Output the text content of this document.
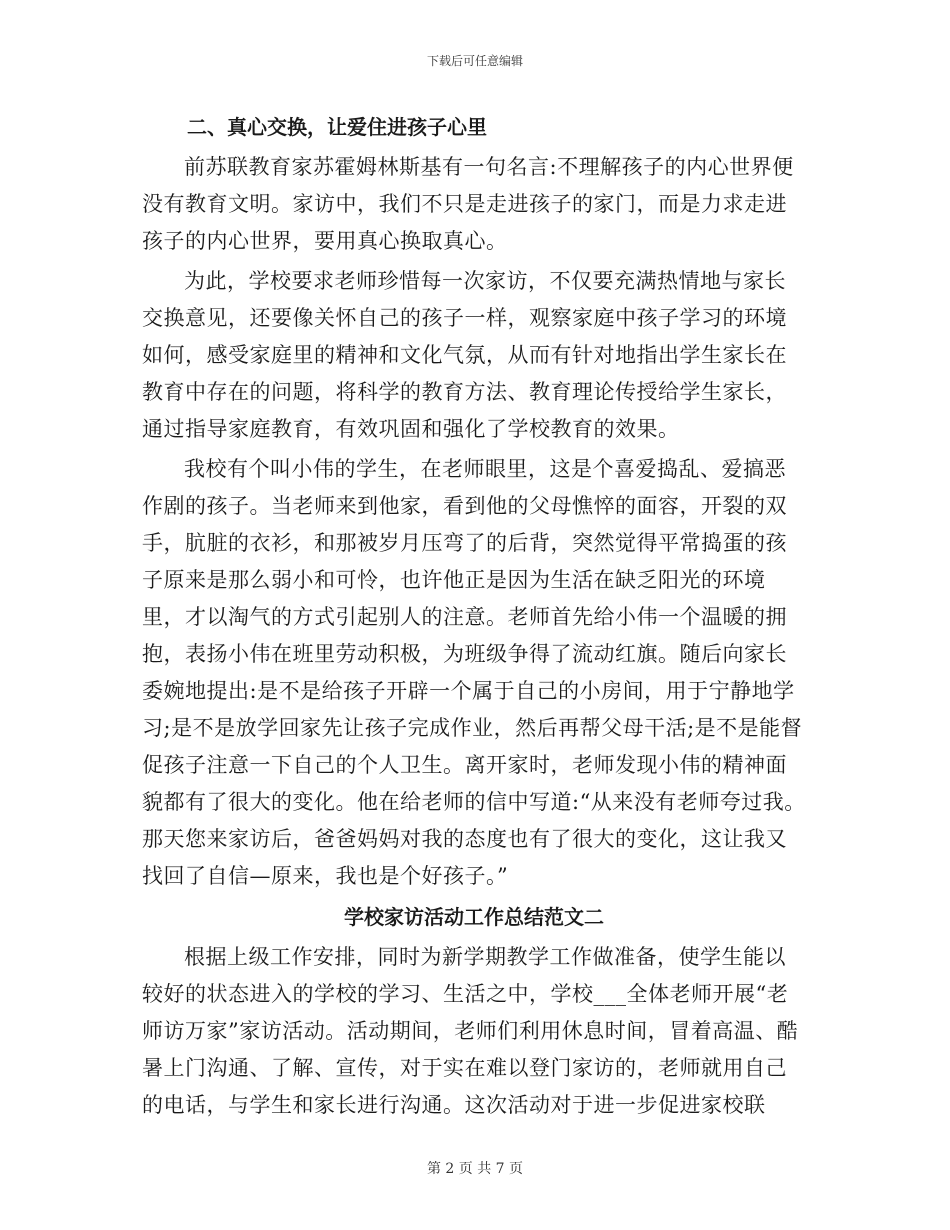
下载后可任意编辑
二、真心交换，让爱住进孩子心里

前苏联教育家苏霍姆林斯基有一句名言:不理解孩子的内心世界便没有教育文明。家访中，我们不只是走进孩子的家门，而是力求走进孩子的内心世界，要用真心换取真心。

为此，学校要求老师珍惜每一次家访，不仅要充满热情地与家长交换意见，还要像关怀自己的孩子一样，观察家庭中孩子学习的环境如何，感受家庭里的精神和文化气氛，从而有针对地指出学生家长在教育中存在的问题，将科学的教育方法、教育理论传授给学生家长，通过指导家庭教育，有效巩固和强化了学校教育的效果。

我校有个叫小伟的学生，在老师眼里，这是个喜爱捣乱、爱搞恶作剧的孩子。当老师来到他家，看到他的父母憔悴的面容，开裂的双手，肮脏的衣衫，和那被岁月压弯了的后背，突然觉得平常捣蛋的孩子原来是那么弱小和可怜，也许他正是因为生活在缺乏阳光的环境里，才以淘气的方式引起别人的注意。老师首先给小伟一个温暖的拥抱，表扬小伟在班里劳动积极，为班级争得了流动红旗。随后向家长委婉地提出:是不是给孩子开辟一个属于自己的小房间，用于宁静地学习;是不是放学回家先让孩子完成作业，然后再帮父母干活;是不是能督促孩子注意一下自己的个人卫生。离开家时，老师发现小伟的精神面貌都有了很大的变化。他在给老师的信中写道:“从来没有老师夸过我。那天您来家访后，爸爸妈妈对我的态度也有了很大的变化，这让我又找回了自信—原来，我也是个好孩子。”

学校家访活动工作总结范文二

根据上级工作安排，同时为新学期教学工作做准备，使学生能以较好的状态进入的学校的学习、生活之中，学校___全体老师开展“老师访万家”家访活动。活动期间，老师们利用休息时间，冒着高温、酷暑上门沟通、了解、宣传，对于实在难以登门家访的，老师就用自己的电话，与学生和家长进行沟通。这次活动对于进一步促进家校联

第 2 页 共 7 页
